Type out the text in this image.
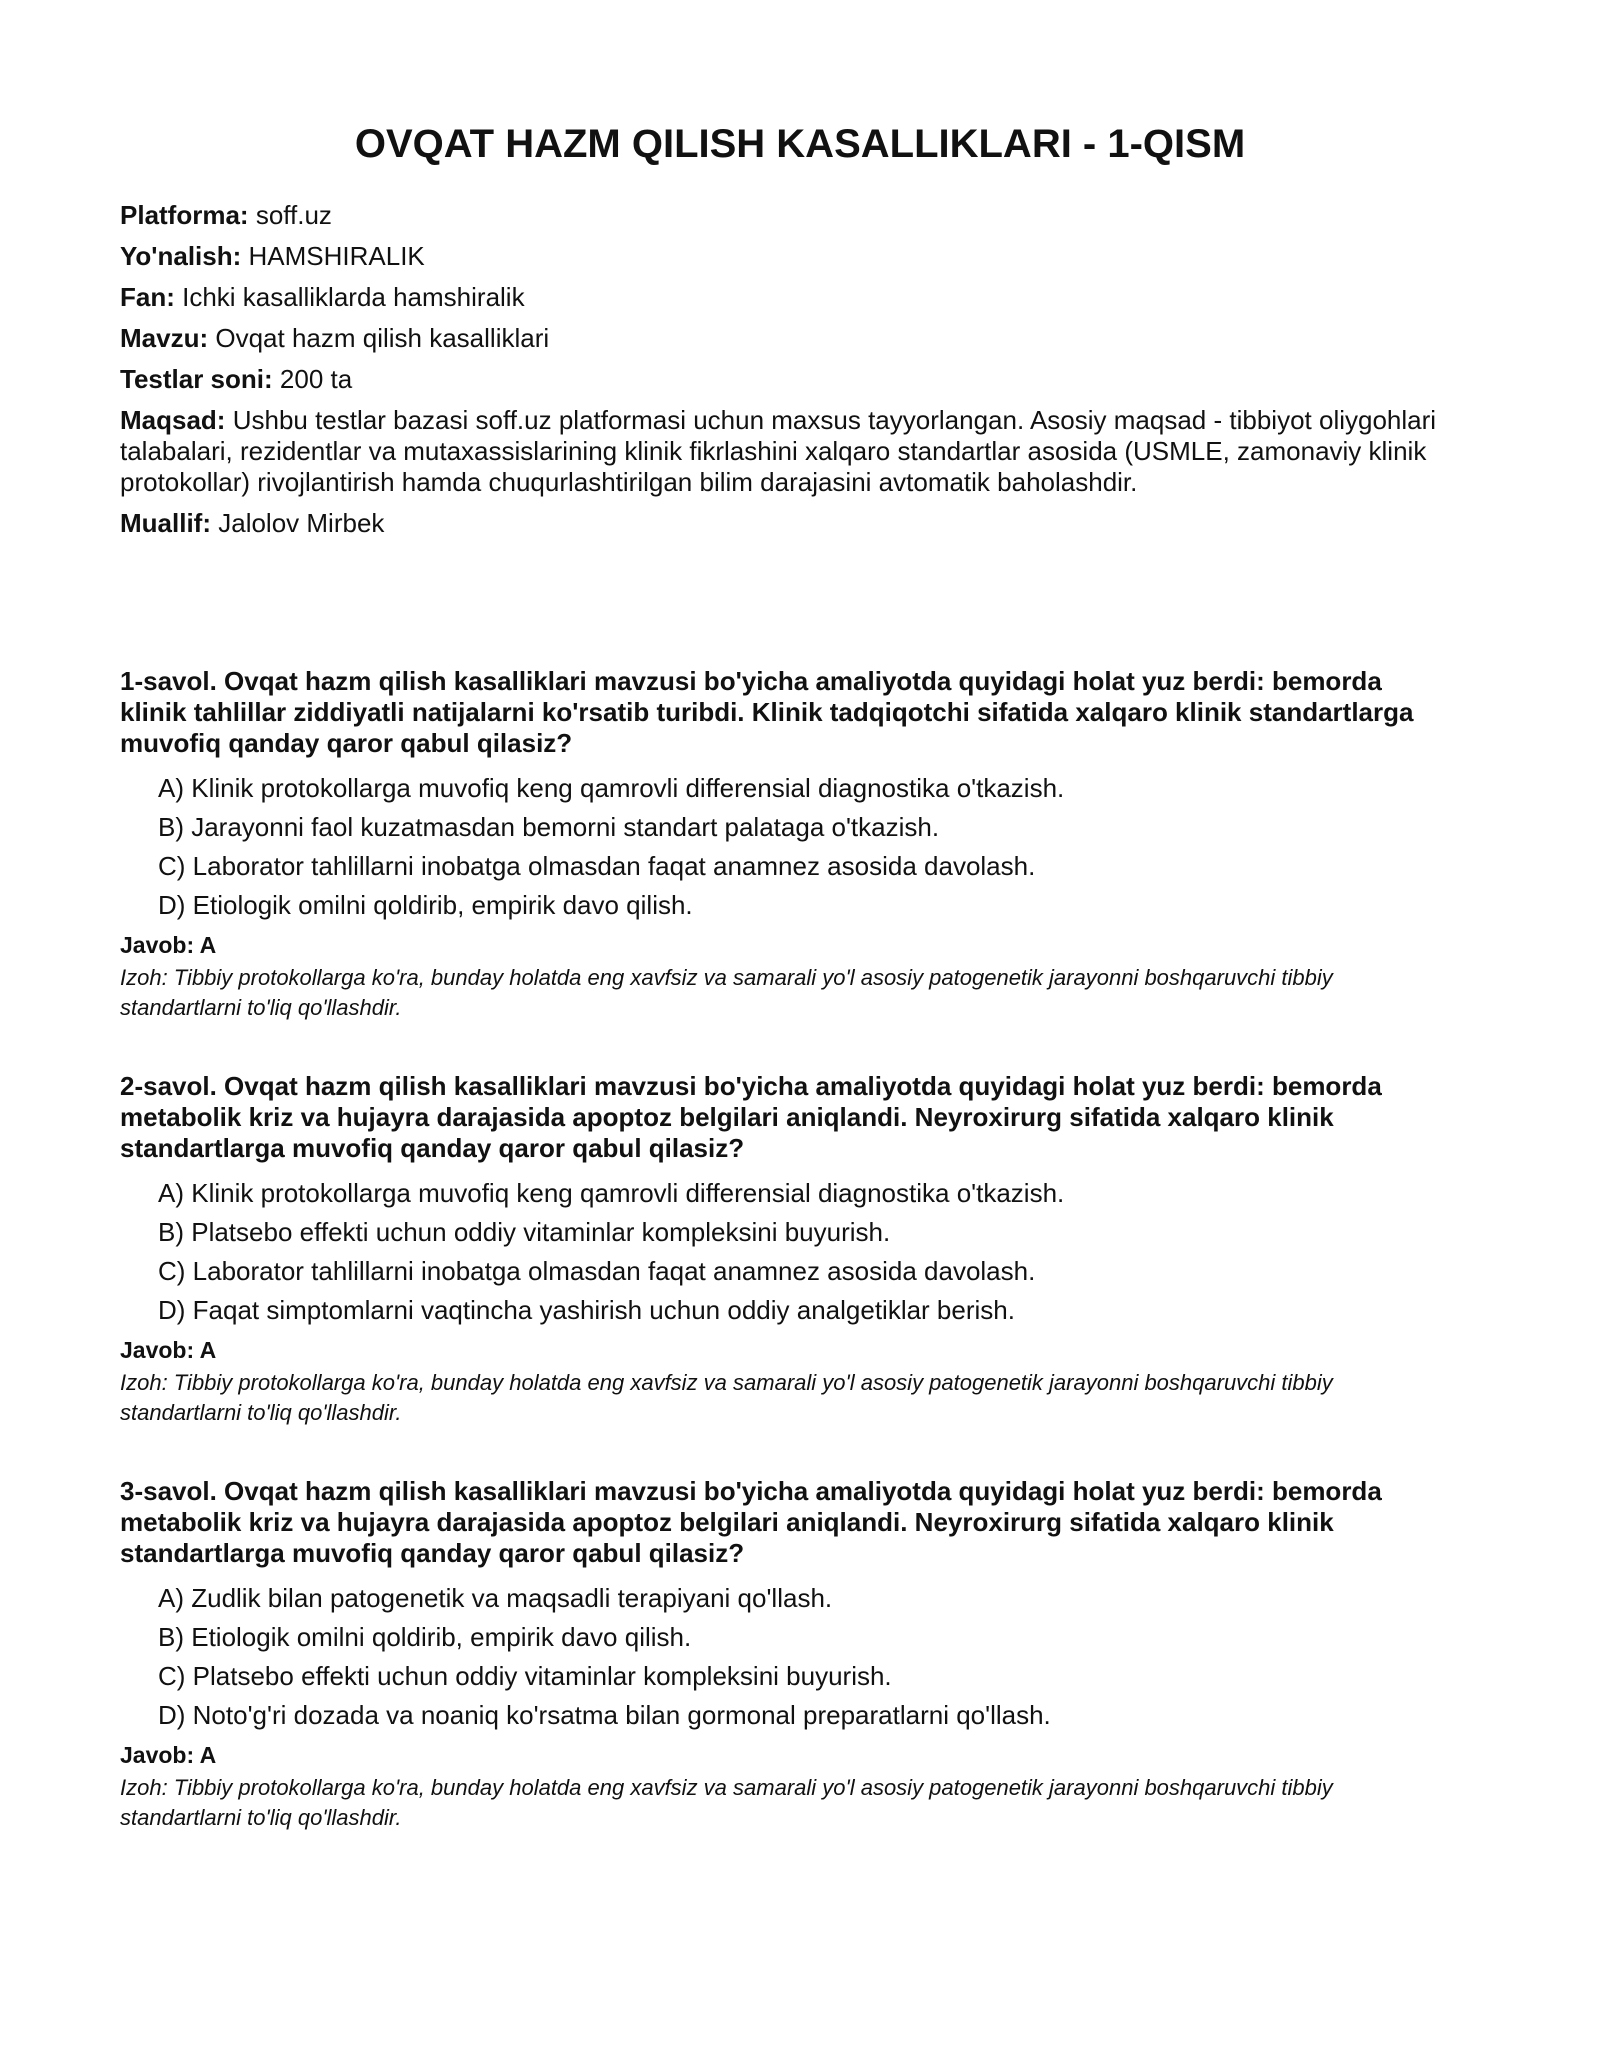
OVQAT HAZM QILISH KASALLIKLARI - 1-QISM

Platforma: soff.uz

Yo'nalish: HAMSHIRALIK

Fan: Ichki kasalliklarda hamshiralik

Mavzu: Ovqat hazm qilish kasalliklari

Testlar soni: 200 ta

Maqsad: Ushbu testlar bazasi soff.uz platformasi uchun maxsus tayyorlangan. Asosiy maqsad - tibbiyot oliygohlari talabalari, rezidentlar va mutaxassislarining klinik fikrlashini xalqaro standartlar asosida (USMLE, zamonaviy klinik protokollar) rivojlantirish hamda chuqurlashtirilgan bilim darajasini avtomatik baholashdir.

Muallif: Jalolov Mirbek

1-savol. Ovqat hazm qilish kasalliklari mavzusi bo'yicha amaliyotda quyidagi holat yuz berdi: bemorda klinik tahlillar ziddiyatli natijalarni ko'rsatib turibdi. Klinik tadqiqotchi sifatida xalqaro klinik standartlarga muvofiq qanday qaror qabul qilasiz?

A) Klinik protokollarga muvofiq keng qamrovli differensial diagnostika o'tkazish.
B) Jarayonni faol kuzatmasdan bemorni standart palataga o'tkazish.
C) Laborator tahlillarni inobatga olmasdan faqat anamnez asosida davolash.
D) Etiologik omilni qoldirib, empirik davo qilish.

Javob: A

Izoh: Tibbiy protokollarga ko'ra, bunday holatda eng xavfsiz va samarali yo'l asosiy patogenetik jarayonni boshqaruvchi tibbiy standartlarni to'liq qo'llashdir.

2-savol. Ovqat hazm qilish kasalliklari mavzusi bo'yicha amaliyotda quyidagi holat yuz berdi: bemorda metabolik kriz va hujayra darajasida apoptoz belgilari aniqlandi. Neyroxirurg sifatida xalqaro klinik standartlarga muvofiq qanday qaror qabul qilasiz?

A) Klinik protokollarga muvofiq keng qamrovli differensial diagnostika o'tkazish.
B) Platsebo effekti uchun oddiy vitaminlar kompleksini buyurish.
C) Laborator tahlillarni inobatga olmasdan faqat anamnez asosida davolash.
D) Faqat simptomlarni vaqtincha yashirish uchun oddiy analgetiklar berish.

Javob: A

Izoh: Tibbiy protokollarga ko'ra, bunday holatda eng xavfsiz va samarali yo'l asosiy patogenetik jarayonni boshqaruvchi tibbiy standartlarni to'liq qo'llashdir.

3-savol. Ovqat hazm qilish kasalliklari mavzusi bo'yicha amaliyotda quyidagi holat yuz berdi: bemorda metabolik kriz va hujayra darajasida apoptoz belgilari aniqlandi. Neyroxirurg sifatida xalqaro klinik standartlarga muvofiq qanday qaror qabul qilasiz?

A) Zudlik bilan patogenetik va maqsadli terapiyani qo'llash.
B) Etiologik omilni qoldirib, empirik davo qilish.
C) Platsebo effekti uchun oddiy vitaminlar kompleksini buyurish.
D) Noto'g'ri dozada va noaniq ko'rsatma bilan gormonal preparatlarni qo'llash.

Javob: A

Izoh: Tibbiy protokollarga ko'ra, bunday holatda eng xavfsiz va samarali yo'l asosiy patogenetik jarayonni boshqaruvchi tibbiy standartlarni to'liq qo'llashdir.
